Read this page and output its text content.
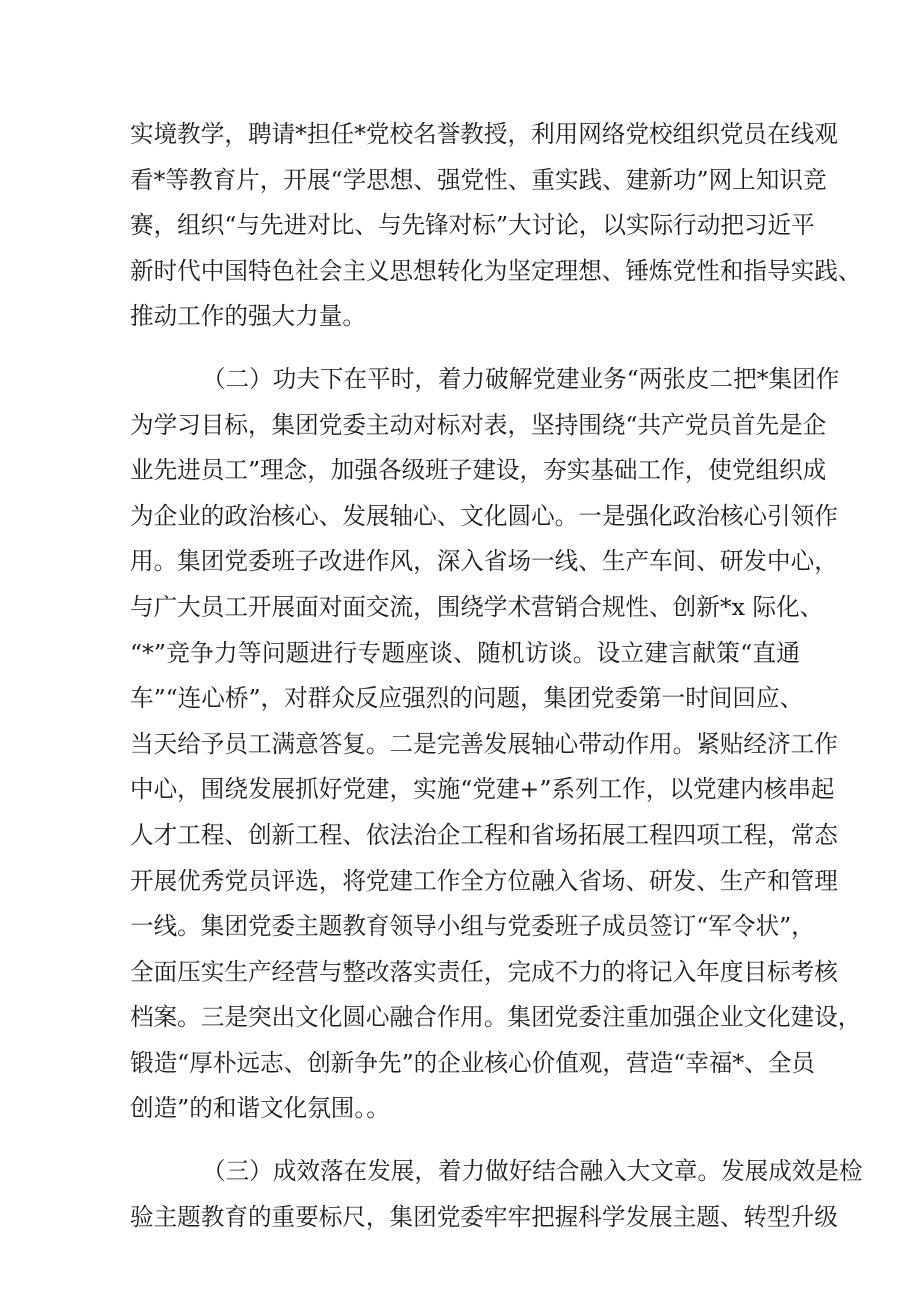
实境教学，聘请*担任*党校名誉教授，利用网络党校组织党员在线观
看*等教育片，开展“学思想、强党性、重实践、建新功”网上知识竞
赛，组织“与先进对比、与先锋对标”大讨论，以实际行动把习近平
新时代中国特色社会主义思想转化为坚定理想、锤炼党性和指导实践、
推动工作的强大力量。
（二）功夫下在平时，着力破解党建业务“两张皮二把*集团作
为学习目标，集团党委主动对标对表，坚持围绕“共产党员首先是企
业先进员工”理念，加强各级班子建设，夯实基础工作，使党组织成
为企业的政治核心、发展轴心、文化圆心。一是强化政治核心引领作
用。集团党委班子改进作风，深入省场一线、生产车间、研发中心，
与广大员工开展面对面交流，围绕学术营销合规性、创新*x 际化、
“*”竞争力等问题进行专题座谈、随机访谈。设立建言献策“直通
车”“连心桥”，对群众反应强烈的问题，集团党委第一时间回应、
当天给予员工满意答复。二是完善发展轴心带动作用。紧贴经济工作
中心，围绕发展抓好党建，实施“党建+”系列工作，以党建内核串起
人才工程、创新工程、依法治企工程和省场拓展工程四项工程，常态
开展优秀党员评选，将党建工作全方位融入省场、研发、生产和管理
一线。集团党委主题教育领导小组与党委班子成员签订“军令状”，
全面压实生产经营与整改落实责任，完成不力的将记入年度目标考核
档案。三是突出文化圆心融合作用。集团党委注重加强企业文化建设，
锻造“厚朴远志、创新争先”的企业核心价值观，营造“幸福*、全员
创造”的和谐文化氛围。。
（三）成效落在发展，着力做好结合融入大文章。发展成效是检
验主题教育的重要标尺，集团党委牢牢把握科学发展主题、转型升级
